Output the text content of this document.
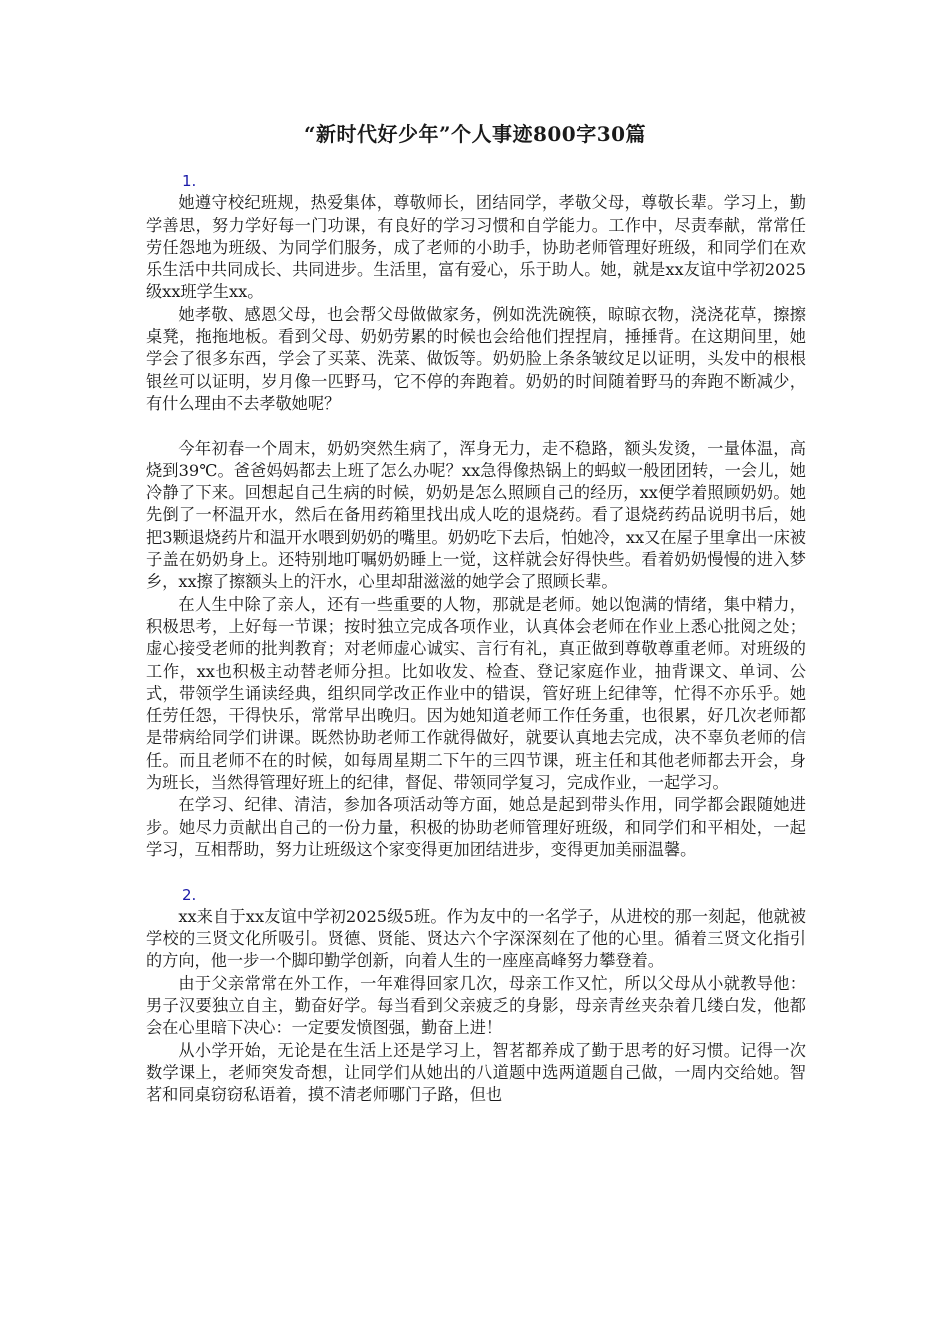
“新时代好少年”个人事迹800字30篇
1.

她遵守校纪班规，热爱集体，尊敬师长，团结同学，孝敬父母，尊敬长辈。学习上，勤学善思，努力学好每一门功课，有良好的学习习惯和自学能力。工作中，尽责奉献，常常任劳任怨地为班级、为同学们服务，成了老师的小助手，协助老师管理好班级，和同学们在欢乐生活中共同成长、共同进步。生活里，富有爱心，乐于助人。她，就是xx友谊中学初2025级xx班学生xx。

她孝敬、感恩父母，也会帮父母做做家务，例如洗洗碗筷，晾晾衣物，浇浇花草，擦擦桌凳，拖拖地板。看到父母、奶奶劳累的时候也会给他们捏捏肩，捶捶背。在这期间里，她学会了很多东西，学会了买菜、洗菜、做饭等。奶奶脸上条条皱纹足以证明，头发中的根根银丝可以证明，岁月像一匹野马，它不停的奔跑着。奶奶的时间随着野马的奔跑不断减少，有什么理由不去孝敬她呢？

今年初春一个周末，奶奶突然生病了，浑身无力，走不稳路，额头发烫，一量体温，高烧到39℃。爸爸妈妈都去上班了怎么办呢？xx急得像热锅上的蚂蚁一般团团转，一会儿，她冷静了下来。回想起自己生病的时候，奶奶是怎么照顾自己的经历，xx便学着照顾奶奶。她先倒了一杯温开水，然后在备用药箱里找出成人吃的退烧药。看了退烧药药品说明书后，她把3颗退烧药片和温开水喂到奶奶的嘴里。奶奶吃下去后，怕她冷，xx又在屋子里拿出一床被子盖在奶奶身上。还特别地叮嘱奶奶睡上一觉，这样就会好得快些。看着奶奶慢慢的进入梦乡，xx擦了擦额头上的汗水，心里却甜滋滋的她学会了照顾长辈。

在人生中除了亲人，还有一些重要的人物，那就是老师。她以饱满的情绪，集中精力，积极思考，上好每一节课；按时独立完成各项作业，认真体会老师在作业上悉心批阅之处；虚心接受老师的批判教育；对老师虚心诚实、言行有礼，真正做到尊敬尊重老师。对班级的工作，xx也积极主动替老师分担。比如收发、检查、登记家庭作业，抽背课文、单词、公式，带领学生诵读经典，组织同学改正作业中的错误，管好班上纪律等，忙得不亦乐乎。她任劳任怨，干得快乐，常常早出晚归。因为她知道老师工作任务重，也很累，好几次老师都是带病给同学们讲课。既然协助老师工作就得做好，就要认真地去完成，决不辜负老师的信任。而且老师不在的时候，如每周星期二下午的三四节课，班主任和其他老师都去开会，身为班长，当然得管理好班上的纪律，督促、带领同学复习，完成作业，一起学习。

在学习、纪律、清洁，参加各项活动等方面，她总是起到带头作用，同学都会跟随她进步。她尽力贡献出自己的一份力量，积极的协助老师管理好班级，和同学们和平相处，一起学习，互相帮助，努力让班级这个家变得更加团结进步，变得更加美丽温馨。

2.

xx来自于xx友谊中学初2025级5班。作为友中的一名学子，从进校的那一刻起，他就被学校的三贤文化所吸引。贤德、贤能、贤达六个字深深刻在了他的心里。循着三贤文化指引的方向，他一步一个脚印勤学创新，向着人生的一座座高峰努力攀登着。

由于父亲常常在外工作，一年难得回家几次，母亲工作又忙，所以父母从小就教导他：男子汉要独立自主，勤奋好学。每当看到父亲疲乏的身影，母亲青丝夹杂着几缕白发，他都会在心里暗下决心：一定要发愤图强，勤奋上进！

从小学开始，无论是在生活上还是学习上，智茗都养成了勤于思考的好习惯。记得一次数学课上，老师突发奇想，让同学们从她出的八道题中选两道题自己做，一周内交给她。智茗和同桌窃窃私语着，摸不清老师哪门子路，但也
